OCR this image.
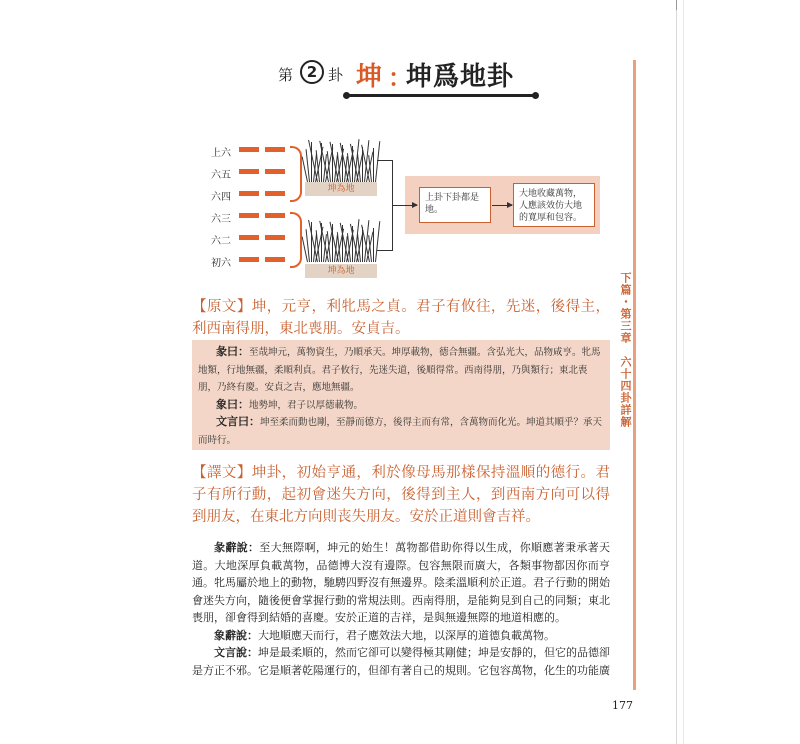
下篇・第三章　六十四卦詳解
第 2 卦 坤 ：
坤爲地卦
上六
六五
六四
六三
六二
初六
坤為地
坤為地
上卦下卦都是地。
大地收藏萬物，人應該效仿大地的寬厚和包容。
【原文】坤，元亨，利牝馬之貞。君子有攸往，先迷，後得主，利西南得朋，東北喪朋。安貞吉。

彖曰：至哉坤元，萬物資生，乃順承天。坤厚載物，德合無疆。含弘光大，品物咸亨。牝馬地類，行地無疆，柔順利貞。君子攸行，先迷失道，後順得常。西南得朋，乃與類行；東北喪朋，乃終有慶。安貞之吉，應地無疆。

象曰：地勢坤，君子以厚德載物。

文言曰：坤至柔而動也剛，至靜而德方，後得主而有常，含萬物而化光。坤道其順乎？承天而時行。

【譯文】坤卦，初始亨通，利於像母馬那樣保持溫順的德行。君子有所行動，起初會迷失方向，後得到主人，到西南方向可以得到朋友，在東北方向則丧失朋友。安於正道則會吉祥。

彖辭說：至大無際啊，坤元的始生！萬物都借助你得以生成，你順應著秉承著天道。大地深厚負載萬物，品德博大沒有邊際。包容無限而廣大，各類事物都因你而亨通。牝馬屬於地上的動物，馳騁四野沒有無邊界。陰柔溫順利於正道。君子行動的開始會迷失方向，隨後便會掌握行動的常規法則。西南得朋，是能夠見到自己的同類；東北喪朋，卻會得到結婚的喜慶。安於正道的吉祥，是與無邊無際的地道相應的。

象辭說：大地順應天而行，君子應效法大地，以深厚的道德負載萬物。

文言說：坤是最柔順的，然而它卻可以變得極其剛健；坤是安靜的，但它的品德卻是方正不邪。它是順著乾陽運行的，但卻有著自己的規則。它包容萬物，化生的功能廣

177
